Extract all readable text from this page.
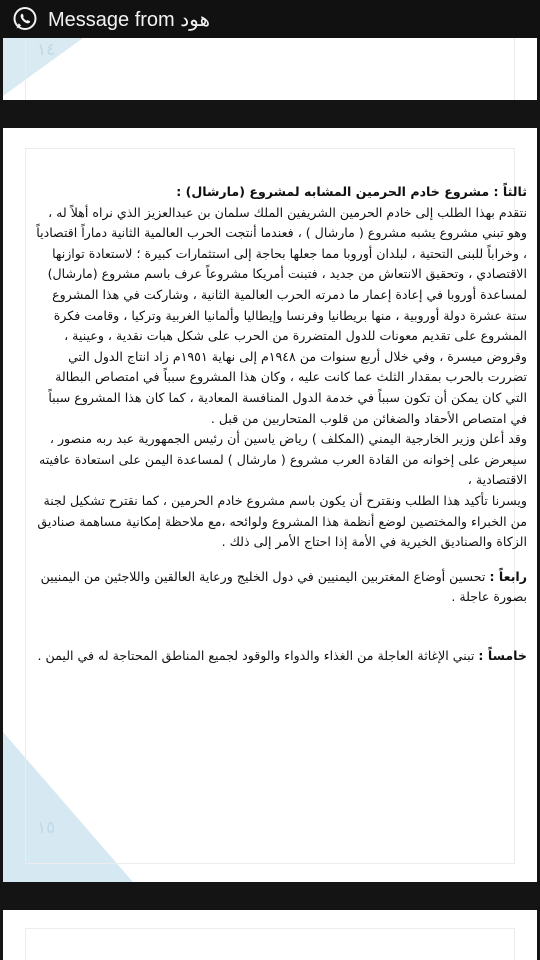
Message from هود
١٤
١٥

ثالثاً : مشروع خادم الحرمين المشابه لمشروع (مارشال) :

نتقدم بهذا الطلب إلى خادم الحرمين الشريفين الملك سلمان بن عبدالعزيز الذي نراه أهلاً له ، وهو تبني مشروع يشبه مشروع ( مارشال ) ، فعندما أنتجت الحرب العالمية الثانية دماراً اقتصادياً ، وخراباً للبنى التحتية ، لبلدان أوروبا مما جعلها بحاجة إلى استثمارات كبيرة ؛ لاستعادة توازنها الاقتصادي ، وتحقيق الانتعاش من جديد ، فتبنت أمريكا مشروعاً عرف باسم مشروع (مارشال) لمساعدة أوروبا في إعادة إعمار ما دمرته الحرب العالمية الثانية ، وشاركت في هذا المشروع ستة عشرة دولة أوروبية ، منها بريطانيا وفرنسا وإيطاليا وألمانيا الغربية وتركيا ، وقامت فكرة المشروع على تقديم معونات للدول المتضررة من الحرب على شكل هبات نقدية ، وعينية ، وقروض ميسرة ، وفي خلال أربع سنوات من ١٩٤٨م إلى نهاية ١٩٥١م زاد انتاج الدول التي تضررت بالحرب بمقدار الثلث عما كانت عليه ، وكان هذا المشروع سبباً في امتصاص البطالة التي كان يمكن أن تكون سبباً في خدمة الدول المنافسة المعادية ، كما كان هذا المشروع سبباً في امتصاص الأحقاد والضغائن من قلوب المتحاربين من قبل .

وقد أعلن وزير الخارجية اليمني (المكلف ) رياض ياسين أن رئيس الجمهورية عبد ربه منصور ، سيعرض على إخوانه من القادة العرب مشروع ( مارشال ) لمساعدة اليمن على استعادة عافيته الاقتصادية ،

ويسرنا تأكيد هذا الطلب ونقترح أن يكون باسم مشروع خادم الحرمين ، كما نقترح تشكيل لجنة من الخبراء والمختصين لوضع أنظمة هذا المشروع ولوائحه ،مع ملاحظة إمكانية مساهمة صناديق الزكاة والصناديق الخيرية في الأمة إذا احتاج الأمر إلى ذلك .

رابعاً : تحسين أوضاع المغتربين اليمنيين في دول الخليج ورعاية العالقين واللاجئين من اليمنيين بصورة عاجلة .

خامساً : تبني الإغاثة العاجلة من الغذاء والدواء والوقود لجميع المناطق المحتاجة له في اليمن .
